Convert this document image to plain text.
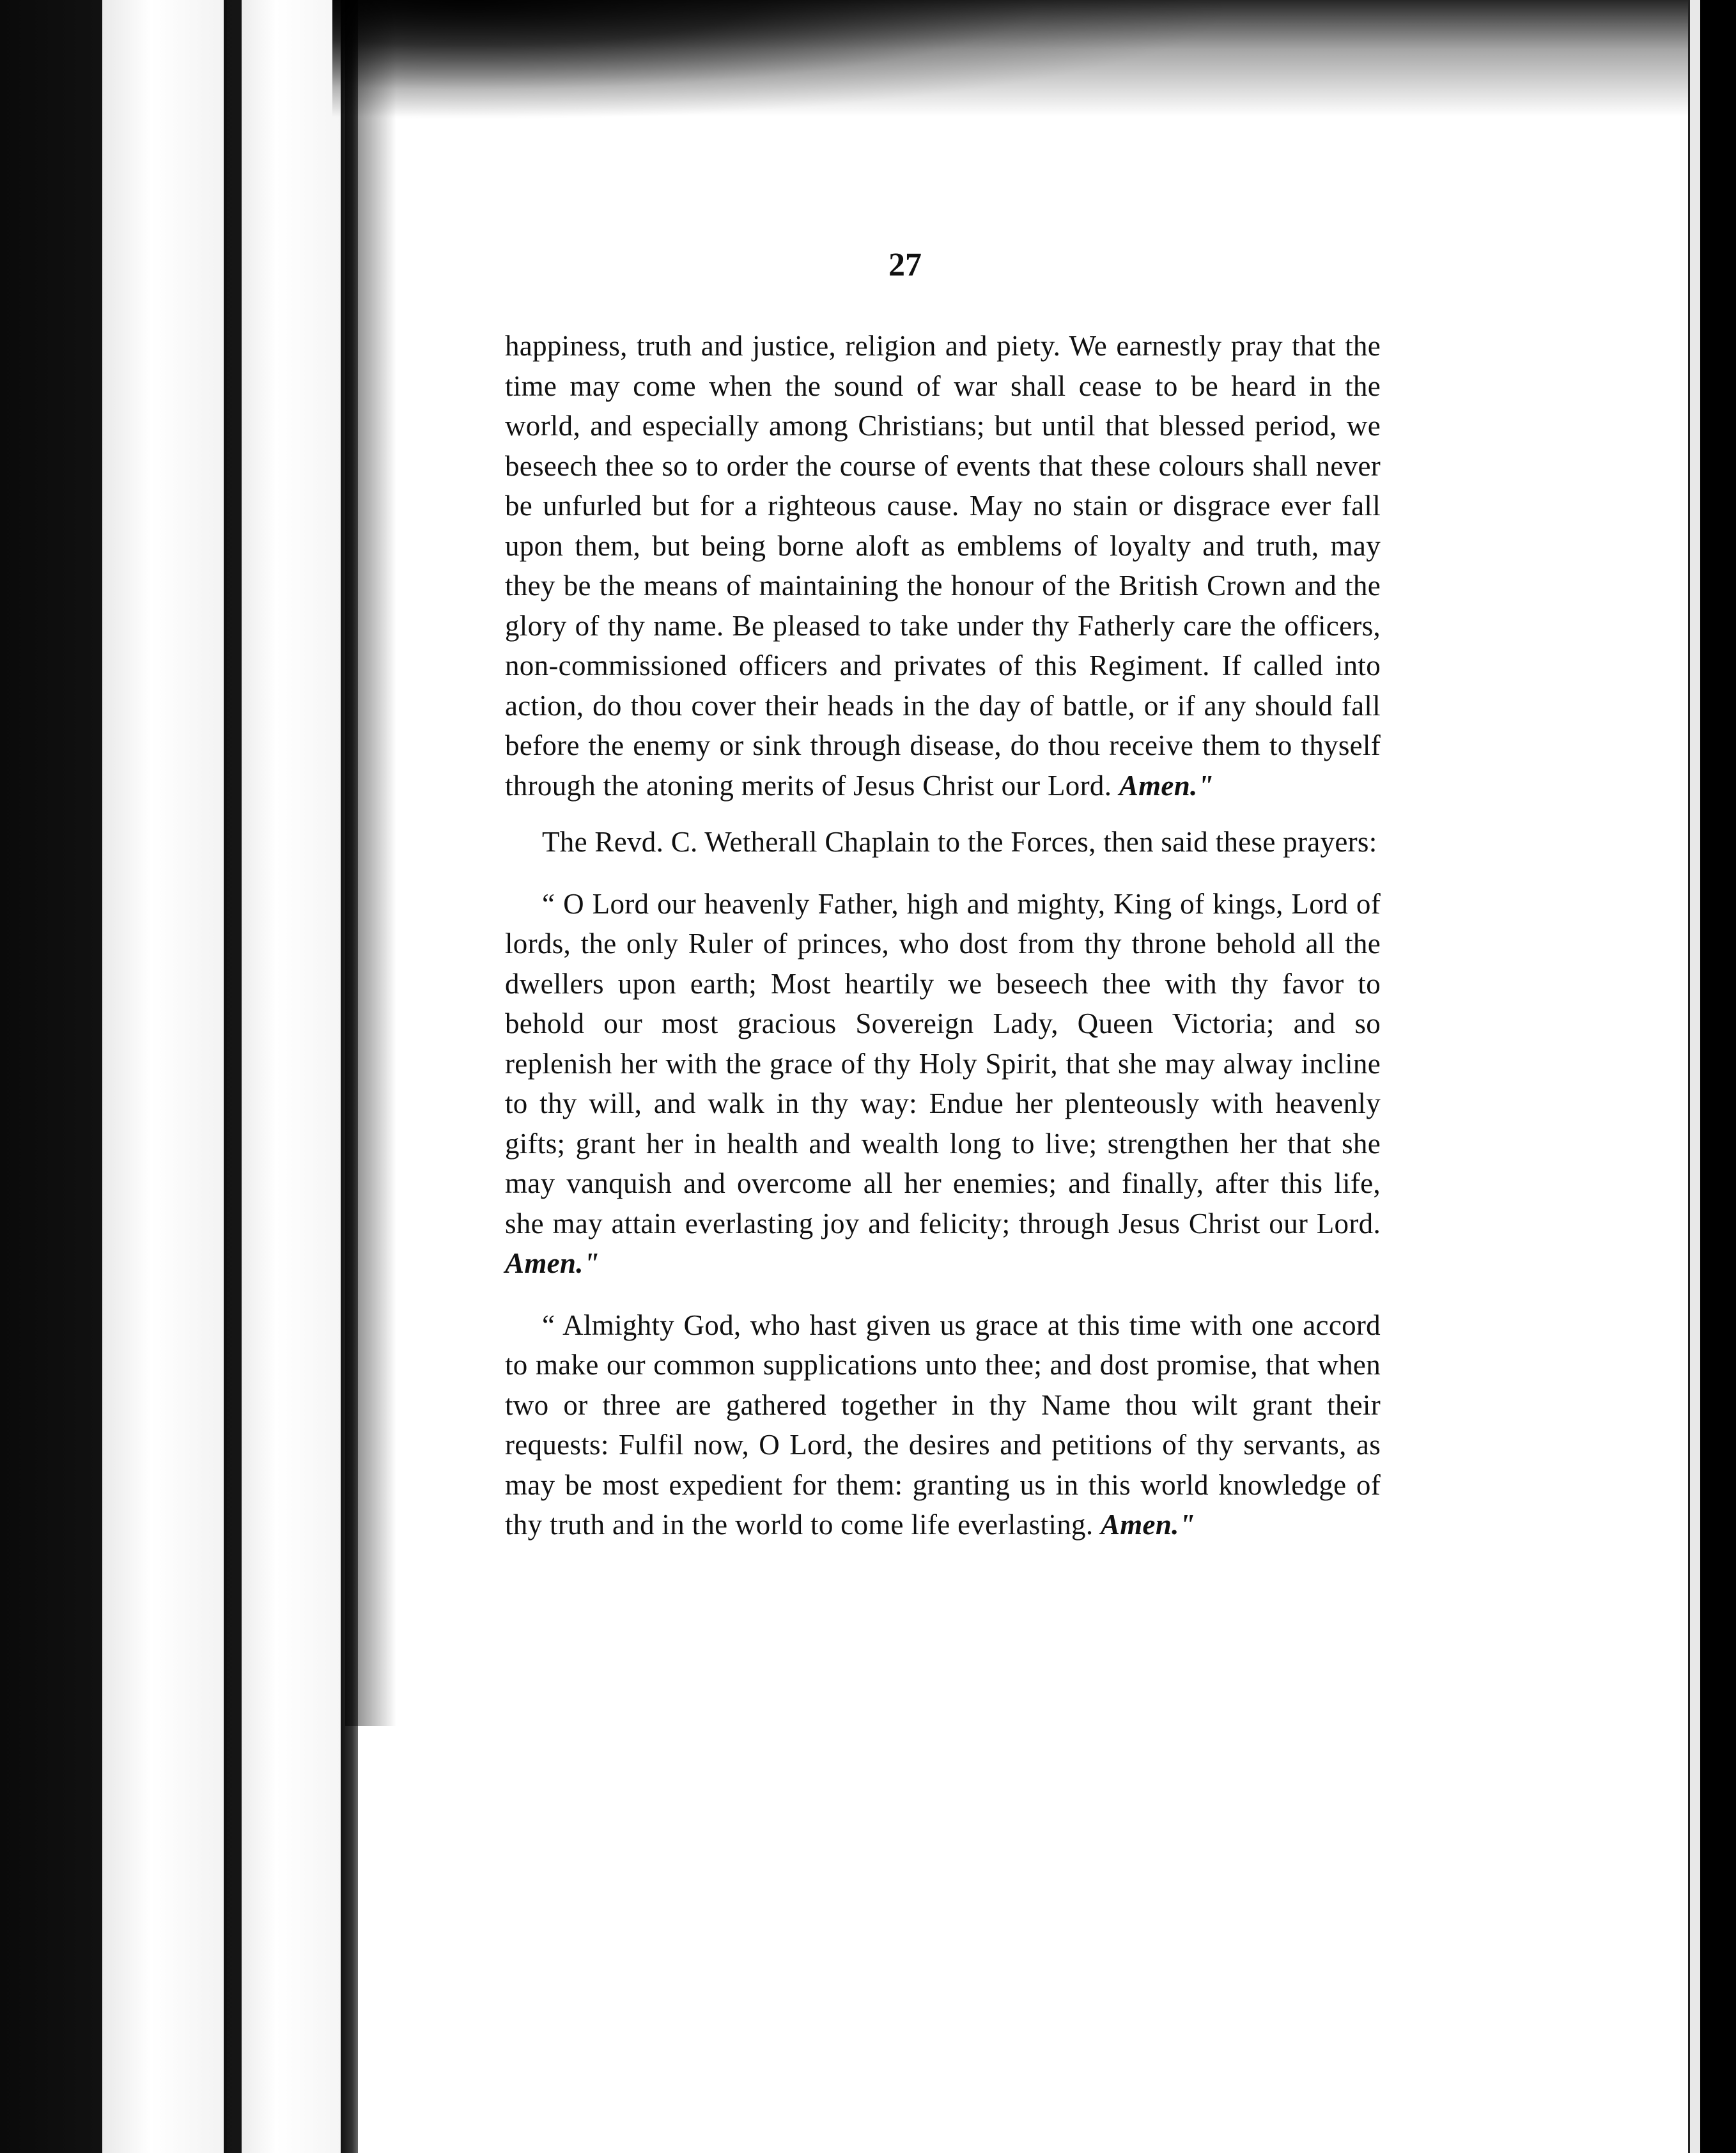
27

happiness, truth and justice, religion and piety. We earnestly pray that the time may come when the sound of war shall cease to be heard in the world, and especially among Christians; but until that blessed period, we beseech thee so to order the course of events that these colours shall never be unfurled but for a righteous cause. May no stain or disgrace ever fall upon them, but being borne aloft as emblems of loyalty and truth, may they be the means of maintaining the honour of the British Crown and the glory of thy name. Be pleased to take under thy Fatherly care the officers, non-commissioned officers and privates of this Regiment. If called into action, do thou cover their heads in the day of battle, or if any should fall before the enemy or sink through disease, do thou receive them to thyself through the atoning merits of Jesus Christ our Lord. Amen."

The Revd. C. Wetherall Chaplain to the Forces, then said these prayers:

“ O Lord our heavenly Father, high and mighty, King of kings, Lord of lords, the only Ruler of princes, who dost from thy throne behold all the dwellers upon earth; Most heartily we beseech thee with thy favor to behold our most gracious Sovereign Lady, Queen Victoria; and so replenish her with the grace of thy Holy Spirit, that she may alway incline to thy will, and walk in thy way: Endue her plenteously with heavenly gifts; grant her in health and wealth long to live; strengthen her that she may vanquish and overcome all her enemies; and finally, after this life, she may attain everlasting joy and felicity; through Jesus Christ our Lord. Amen."

“ Almighty God, who hast given us grace at this time with one accord to make our common supplications unto thee; and dost promise, that when two or three are gathered together in thy Name thou wilt grant their requests: Fulfil now, O Lord, the desires and petitions of thy servants, as may be most expedient for them: granting us in this world knowledge of thy truth and in the world to come life everlasting. Amen."
